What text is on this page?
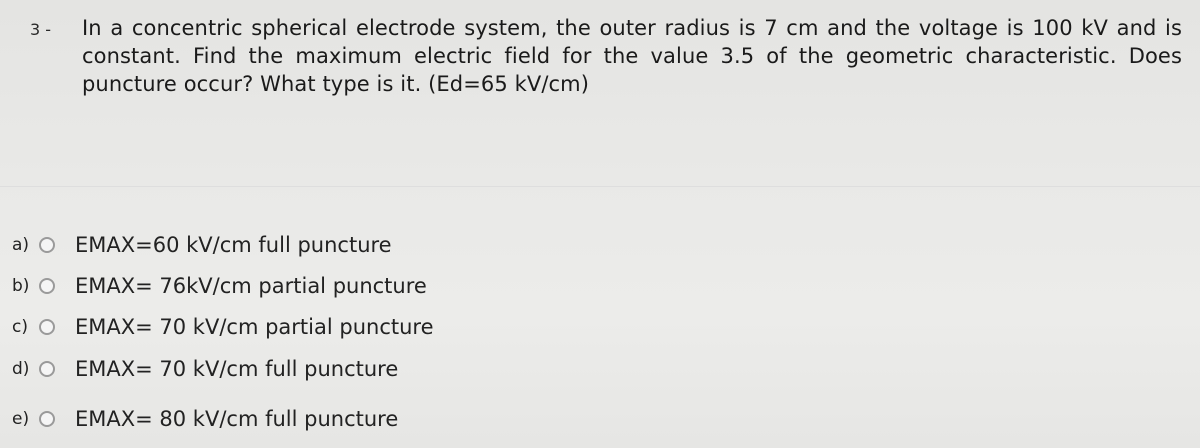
3 - In a concentric spherical electrode system, the outer radius is 7 cm and the voltage is 100 kV and is constant. Find the maximum electric field for the value 3.5 of the geometric characteristic. Does puncture occur? What type is it. (Ed=65 kV/cm)
a)	EMAX=60 kV/cm full puncture
b)	EMAX= 76kV/cm partial puncture
c)	EMAX= 70 kV/cm partial puncture
d)	EMAX= 70 kV/cm full puncture
e)	EMAX= 80 kV/cm full puncture
